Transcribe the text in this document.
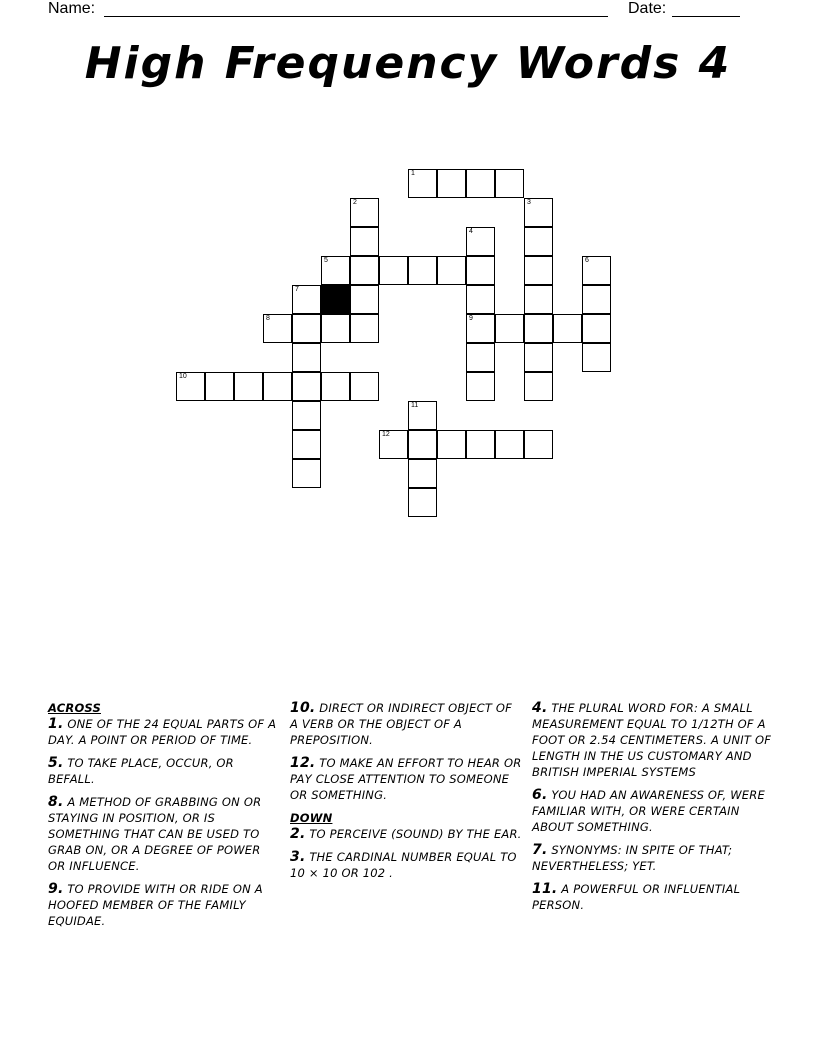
Name:	Date:
High Frequency Words 4
1
2	3
4
5	6
7
8	9
10
11
12
ACROSS
1. ONE OF THE 24 EQUAL PARTS OF A DAY. A POINT OR PERIOD OF TIME.
5. TO TAKE PLACE, OCCUR, OR BEFALL.
8. A METHOD OF GRABBING ON OR STAYING IN POSITION, OR IS SOMETHING THAT CAN BE USED TO GRAB ON, OR A DEGREE OF POWER OR INFLUENCE.
9. TO PROVIDE WITH OR RIDE ON A HOOFED MEMBER OF THE FAMILY EQUIDAE.
10. DIRECT OR INDIRECT OBJECT OF A VERB OR THE OBJECT OF A PREPOSITION.
12. TO MAKE AN EFFORT TO HEAR OR PAY CLOSE ATTENTION TO SOMEONE OR SOMETHING.
DOWN
2. TO PERCEIVE (SOUND) BY THE EAR.
3. THE CARDINAL NUMBER EQUAL TO 10 × 10 OR 102 .
4. THE PLURAL WORD FOR: A SMALL MEASUREMENT EQUAL TO 1/12TH OF A FOOT OR 2.54 CENTIMETERS. A UNIT OF LENGTH IN THE US CUSTOMARY AND BRITISH IMPERIAL SYSTEMS
6. YOU HAD AN AWARENESS OF, WERE FAMILIAR WITH, OR WERE CERTAIN ABOUT SOMETHING.
7. SYNONYMS: IN SPITE OF THAT; NEVERTHELESS; YET.
11. A POWERFUL OR INFLUENTIAL PERSON.
